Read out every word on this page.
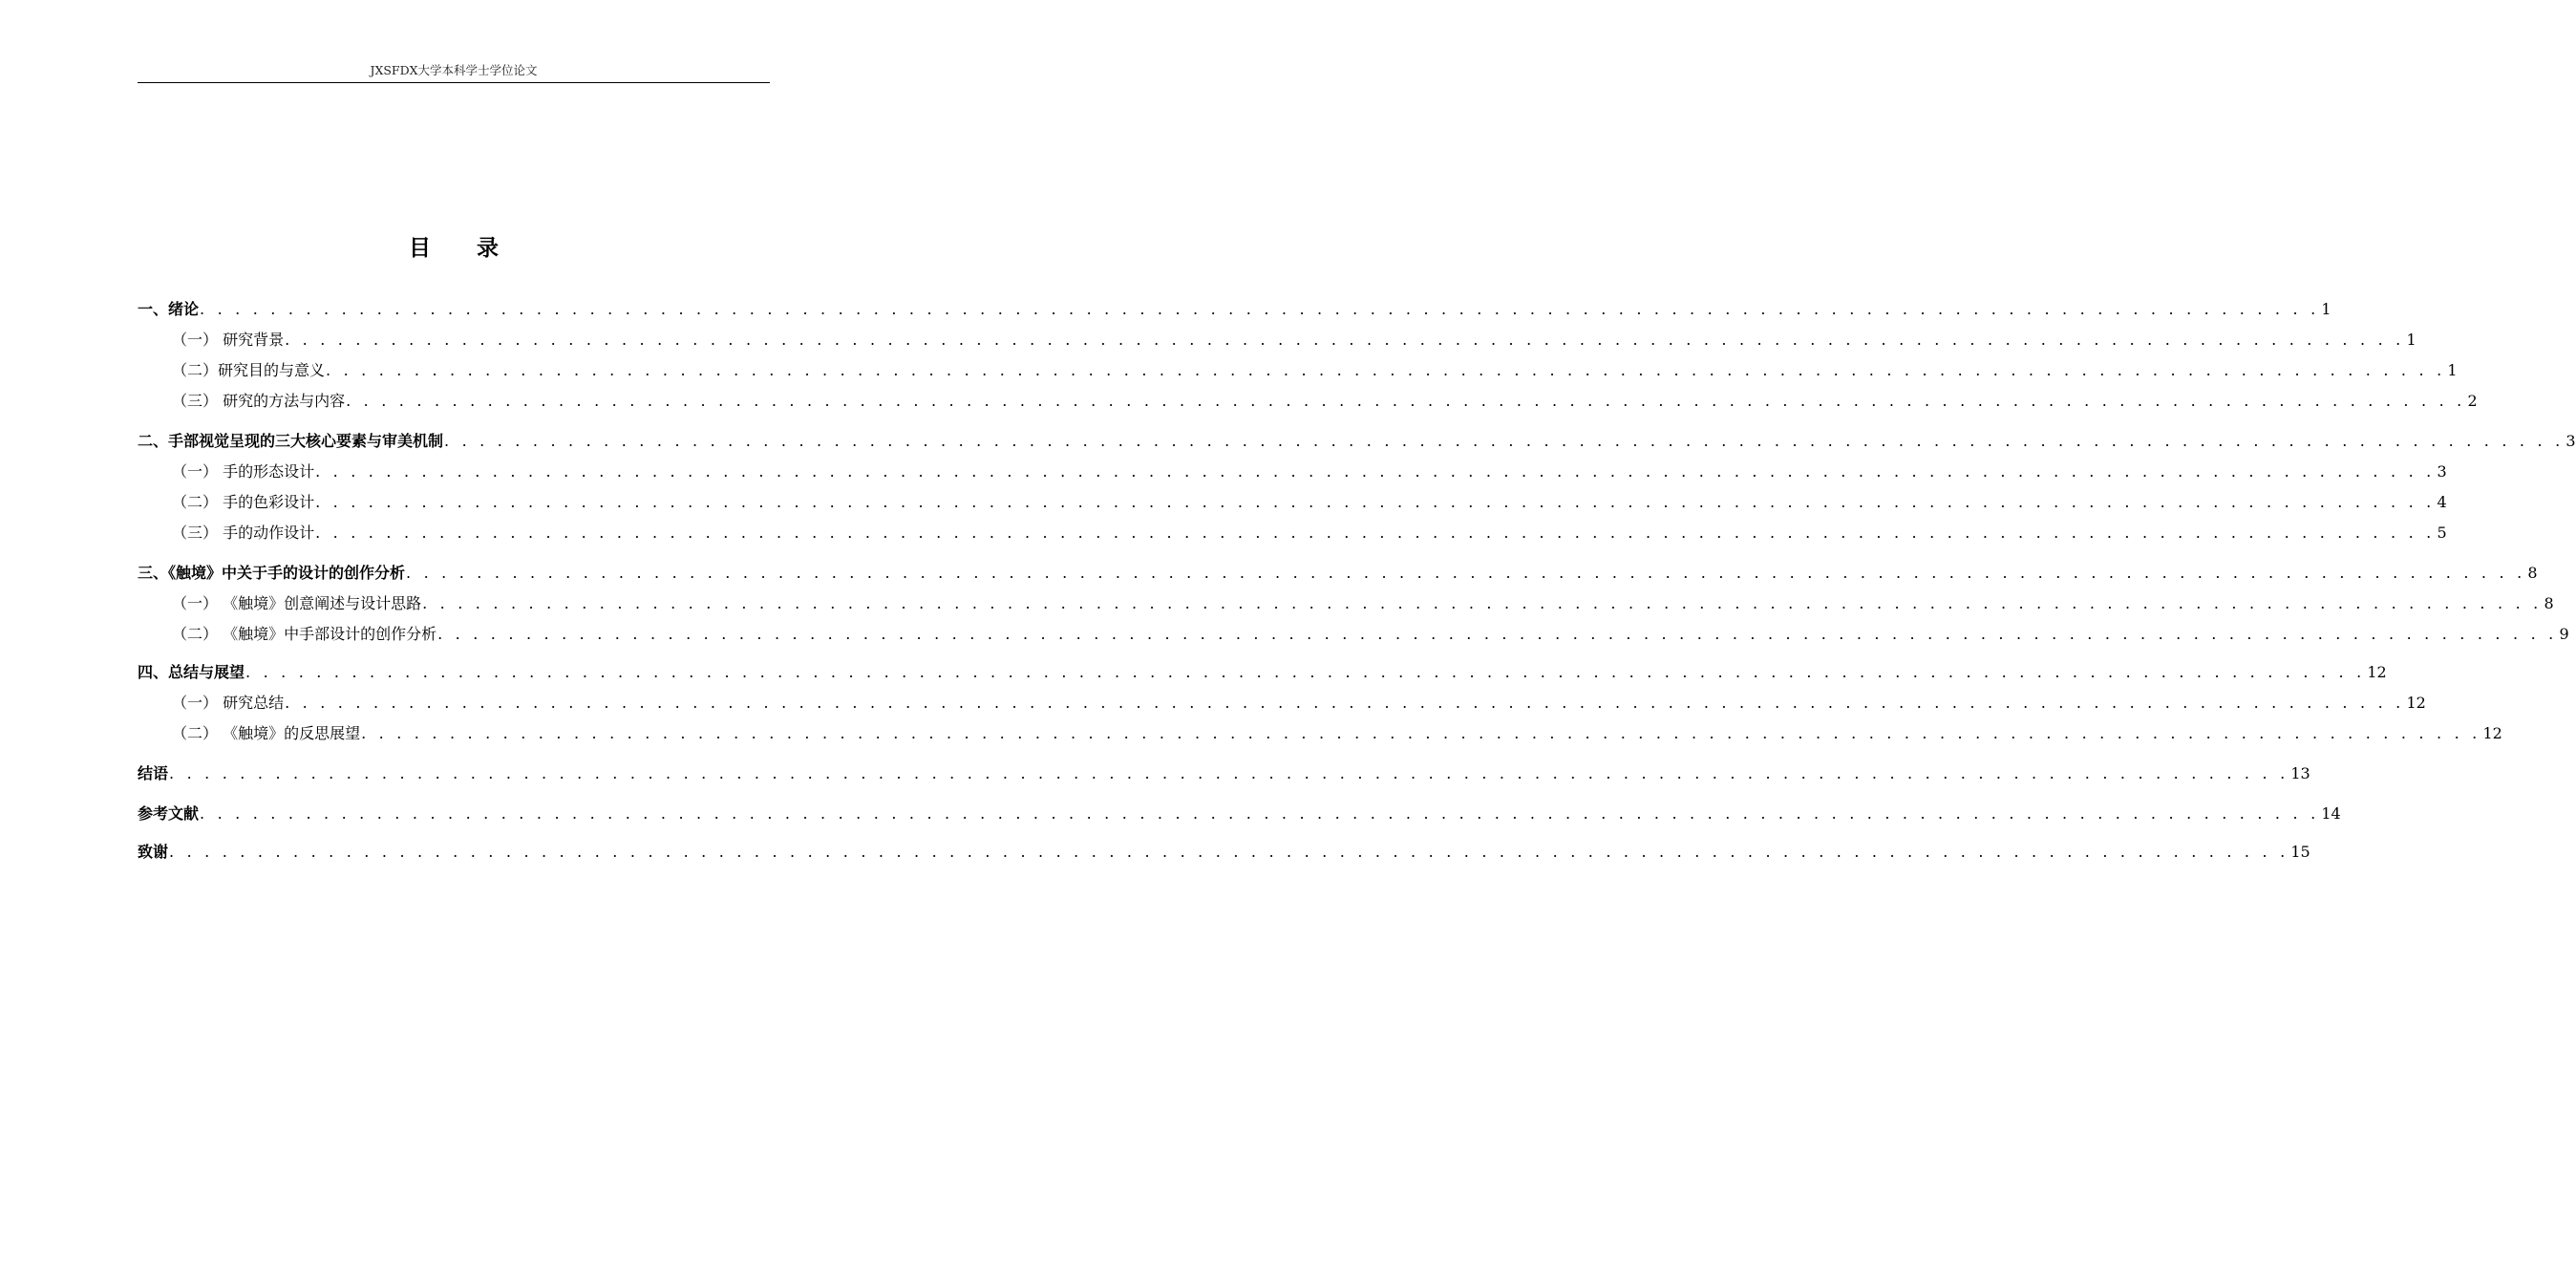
JXSFDX大学本科学士学位论文
目录
一、绪论 . . . . . . . . . . . . . . . . . . . . . . . . . . . . . . . . . . . . . . . . . . . . . . . . . . . . . . . . . . . . . . . . . . . . . . . . . . . . . . . . . . . . . . . . . . . . . . . . . . . . . . . . . . . . . . . . . . . . . . . . 1
（一） 研究背景 . . . . . . . . . . . . . . . . . . . . . . . . . . . . . . . . . . . . . . . . . . . . . . . . . . . . . . . . . . . . . . . . . . . . . . . . . . . . . . . . . . . . . . . . . . . . . . . . . . . . . . . . . . . . . . . . . . . . . . . . 1
（二）研究目的与意义 . . . . . . . . . . . . . . . . . . . . . . . . . . . . . . . . . . . . . . . . . . . . . . . . . . . . . . . . . . . . . . . . . . . . . . . . . . . . . . . . . . . . . . . . . . . . . . . . . . . . . . . . . . . . . . . . . . . . . . . . 1
（三） 研究的方法与内容 . . . . . . . . . . . . . . . . . . . . . . . . . . . . . . . . . . . . . . . . . . . . . . . . . . . . . . . . . . . . . . . . . . . . . . . . . . . . . . . . . . . . . . . . . . . . . . . . . . . . . . . . . . . . . . . . . . . . . . . . 2
二、手部视觉呈现的三大核心要素与审美机制 . . . . . . . . . . . . . . . . . . . . . . . . . . . . . . . . . . . . . . . . . . . . . . . . . . . . . . . . . . . . . . . . . . . . . . . . . . . . . . . . . . . . . . . . . . . . . . . . . . . . . . . . . . . . . . . . . . . . . . . . 3
（一） 手的形态设计 . . . . . . . . . . . . . . . . . . . . . . . . . . . . . . . . . . . . . . . . . . . . . . . . . . . . . . . . . . . . . . . . . . . . . . . . . . . . . . . . . . . . . . . . . . . . . . . . . . . . . . . . . . . . . . . . . . . . . . . . 3
（二） 手的色彩设计 . . . . . . . . . . . . . . . . . . . . . . . . . . . . . . . . . . . . . . . . . . . . . . . . . . . . . . . . . . . . . . . . . . . . . . . . . . . . . . . . . . . . . . . . . . . . . . . . . . . . . . . . . . . . . . . . . . . . . . . . 4
（三） 手的动作设计 . . . . . . . . . . . . . . . . . . . . . . . . . . . . . . . . . . . . . . . . . . . . . . . . . . . . . . . . . . . . . . . . . . . . . . . . . . . . . . . . . . . . . . . . . . . . . . . . . . . . . . . . . . . . . . . . . . . . . . . . 5
三、《触境》中关于手的设计的创作分析 . . . . . . . . . . . . . . . . . . . . . . . . . . . . . . . . . . . . . . . . . . . . . . . . . . . . . . . . . . . . . . . . . . . . . . . . . . . . . . . . . . . . . . . . . . . . . . . . . . . . . . . . . . . . . . . . . . . . . . . . 8
（一） 《触境》创意阐述与设计思路 . . . . . . . . . . . . . . . . . . . . . . . . . . . . . . . . . . . . . . . . . . . . . . . . . . . . . . . . . . . . . . . . . . . . . . . . . . . . . . . . . . . . . . . . . . . . . . . . . . . . . . . . . . . . . . . . . . . . . . . . 8
（二） 《触境》中手部设计的创作分析 . . . . . . . . . . . . . . . . . . . . . . . . . . . . . . . . . . . . . . . . . . . . . . . . . . . . . . . . . . . . . . . . . . . . . . . . . . . . . . . . . . . . . . . . . . . . . . . . . . . . . . . . . . . . . . . . . . . . . . . . 9
四、总结与展望 . . . . . . . . . . . . . . . . . . . . . . . . . . . . . . . . . . . . . . . . . . . . . . . . . . . . . . . . . . . . . . . . . . . . . . . . . . . . . . . . . . . . . . . . . . . . . . . . . . . . . . . . . . . . . . . . . . . . . . . . 12
（一） 研究总结 . . . . . . . . . . . . . . . . . . . . . . . . . . . . . . . . . . . . . . . . . . . . . . . . . . . . . . . . . . . . . . . . . . . . . . . . . . . . . . . . . . . . . . . . . . . . . . . . . . . . . . . . . . . . . . . . . . . . . . . . 12
（二） 《触境》的反思展望 . . . . . . . . . . . . . . . . . . . . . . . . . . . . . . . . . . . . . . . . . . . . . . . . . . . . . . . . . . . . . . . . . . . . . . . . . . . . . . . . . . . . . . . . . . . . . . . . . . . . . . . . . . . . . . . . . . . . . . . . 12
结语 . . . . . . . . . . . . . . . . . . . . . . . . . . . . . . . . . . . . . . . . . . . . . . . . . . . . . . . . . . . . . . . . . . . . . . . . . . . . . . . . . . . . . . . . . . . . . . . . . . . . . . . . . . . . . . . . . . . . . . . . 13
参考文献 . . . . . . . . . . . . . . . . . . . . . . . . . . . . . . . . . . . . . . . . . . . . . . . . . . . . . . . . . . . . . . . . . . . . . . . . . . . . . . . . . . . . . . . . . . . . . . . . . . . . . . . . . . . . . . . . . . . . . . . . 14
致谢 . . . . . . . . . . . . . . . . . . . . . . . . . . . . . . . . . . . . . . . . . . . . . . . . . . . . . . . . . . . . . . . . . . . . . . . . . . . . . . . . . . . . . . . . . . . . . . . . . . . . . . . . . . . . . . . . . . . . . . . . 15
